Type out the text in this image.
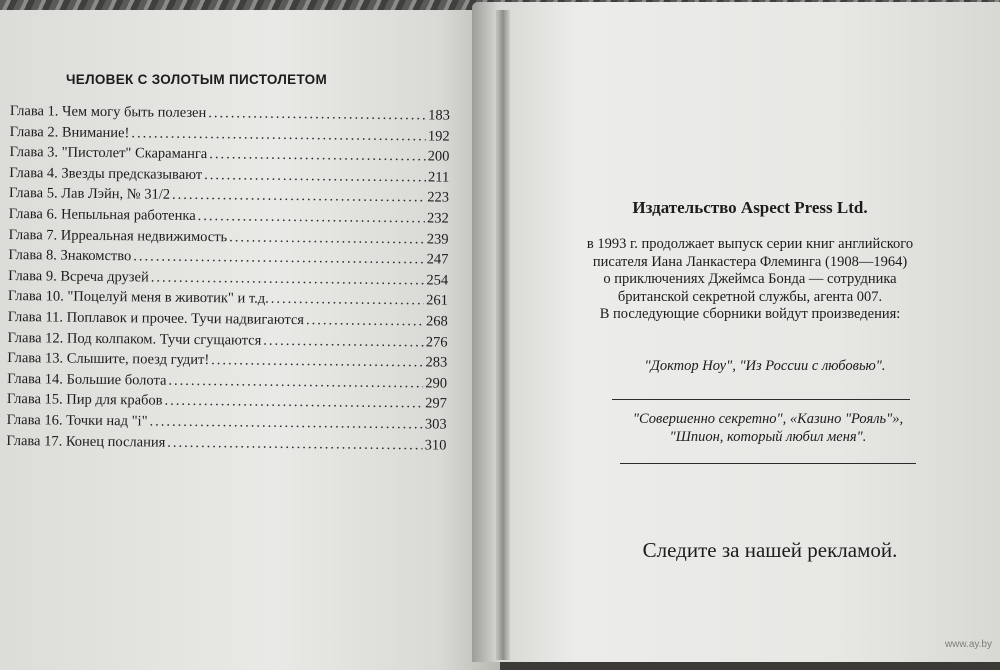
ЧЕЛОВЕК С ЗОЛОТЫМ ПИСТОЛЕТОМ
Глава 1. Чем могу быть полезен .....	183
Глава 2. Внимание! .....	192
Глава 3. "Пистолет" Скараманга .....	200
Глава 4. Звезды предсказывают .....	211
Глава 5. Лав Лэйн, № 31/2 .....	223
Глава 6. Непыльная работенка .....	232
Глава 7. Ирреальная недвижимость .....	239
Глава 8. Знакомство .....	247
Глава 9. Всреча друзей .....	254
Глава 10. "Поцелуй меня в животик" и т.д. .....	261
Глава 11. Поплавок и прочее. Тучи надвигаются .....	268
Глава 12. Под колпаком. Тучи сгущаются .....	276
Глава 13. Слышите, поезд гудит! .....	283
Глава 14. Большие болота .....	290
Глава 15. Пир для крабов .....	297
Глава 16. Точки над "i" .....	303
Глава 17. Конец послания .....	310
Издательство Aspect Press Ltd.
в 1993 г. продолжает выпуск серии книг английского
писателя Иана Ланкастера Флеминга (1908—1964)
о приключениях Джеймса Бонда — сотрудника
британской секретной службы, агента 007.
В последующие сборники войдут произведения:
"Доктор Ноу", "Из России с любовью".
"Совершенно секретно", «Казино "Рояль"»,
"Шпион, который любил меня".
Следите за нашей рекламой.
www.ay.by
